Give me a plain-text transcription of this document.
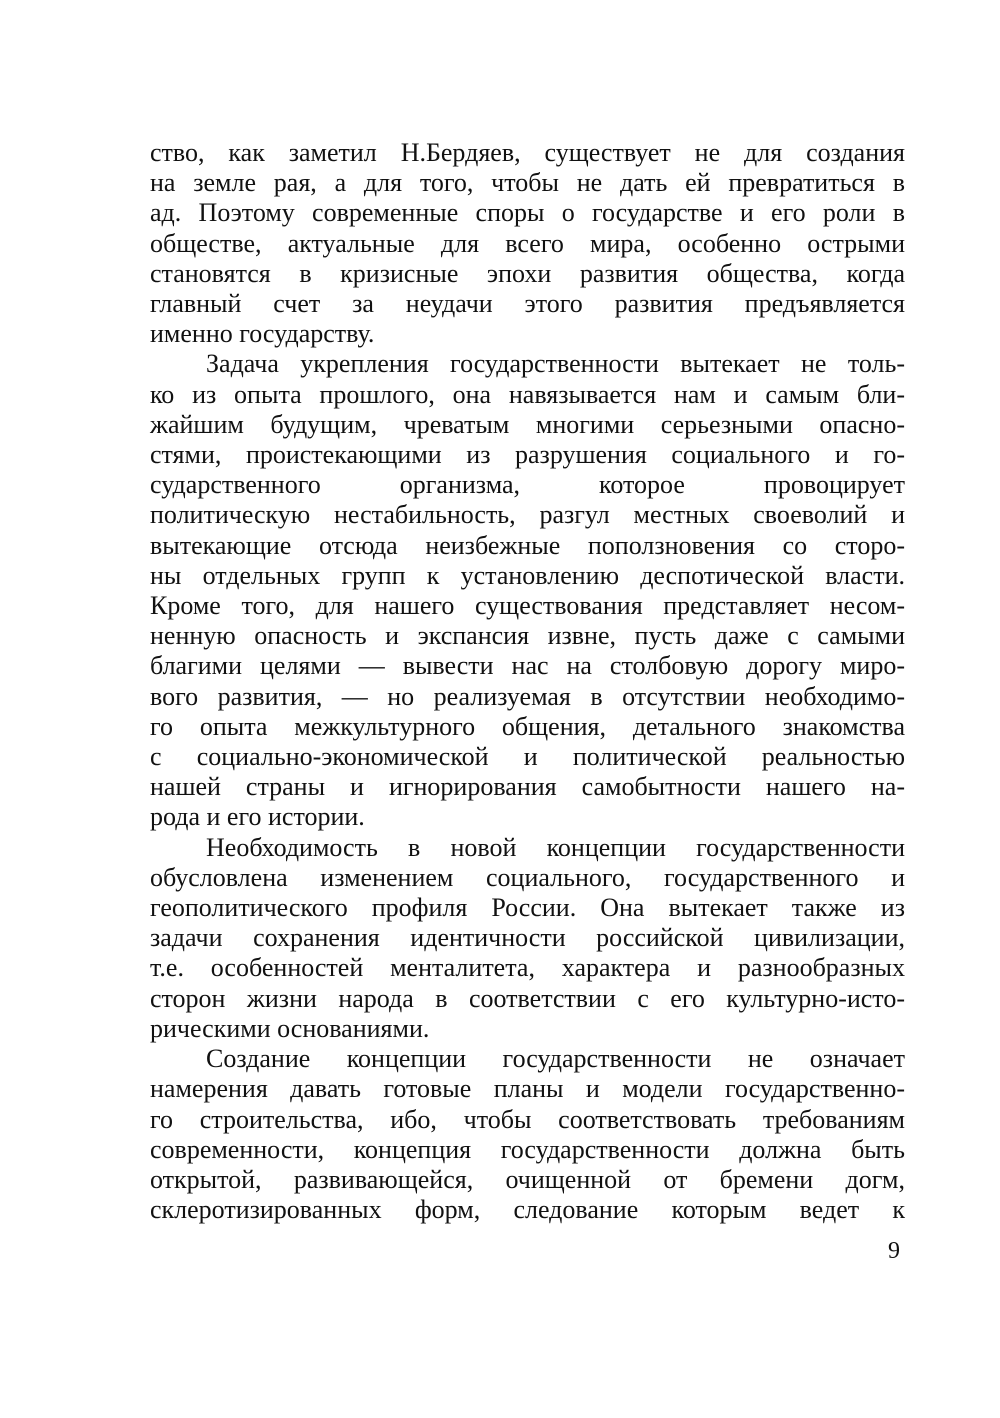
ство, как заметил Н.Бердяев, существует не для создания
на земле рая, а для того, чтобы не дать ей превратиться в
ад. Поэтому современные споры о государстве и его роли в
обществе, актуальные для всего мира, особенно острыми
становятся в кризисные эпохи развития общества, когда
главный счет за неудачи этого развития предъявляется
именно государству.
Задача укрепления государственности вытекает не толь-
ко из опыта прошлого, она навязывается нам и самым бли-
жайшим будущим, чреватым многими серьезными опасно-
стями, проистекающими из разрушения социального и го-
сударственного организма, которое провоцирует
политическую нестабильность, разгул местных своеволий и
вытекающие отсюда неизбежные поползновения со сторо-
ны отдельных групп к установлению деспотической власти.
Кроме того, для нашего существования представляет несом-
ненную опасность и экспансия извне, пусть даже с самыми
благими целями — вывести нас на столбовую дорогу миро-
вого развития, — но реализуемая в отсутствии необходимо-
го опыта межкультурного общения, детального знакомства
с социально-экономической и политической реальностью
нашей страны и игнорирования самобытности нашего на-
рода и его истории.
Необходимость в новой концепции государственности
обусловлена изменением социального, государственного и
геополитического профиля России. Она вытекает также из
задачи сохранения идентичности российской цивилизации,
т.е. особенностей менталитета, характера и разнообразных
сторон жизни народа в соответствии с его культурно-исто-
рическими основаниями.
Создание концепции государственности не означает
намерения давать готовые планы и модели государственно-
го строительства, ибо, чтобы соответствовать требованиям
современности, концепция государственности должна быть
открытой, развивающейся, очищенной от бремени догм,
склеротизированных форм, следование которым ведет к
9
